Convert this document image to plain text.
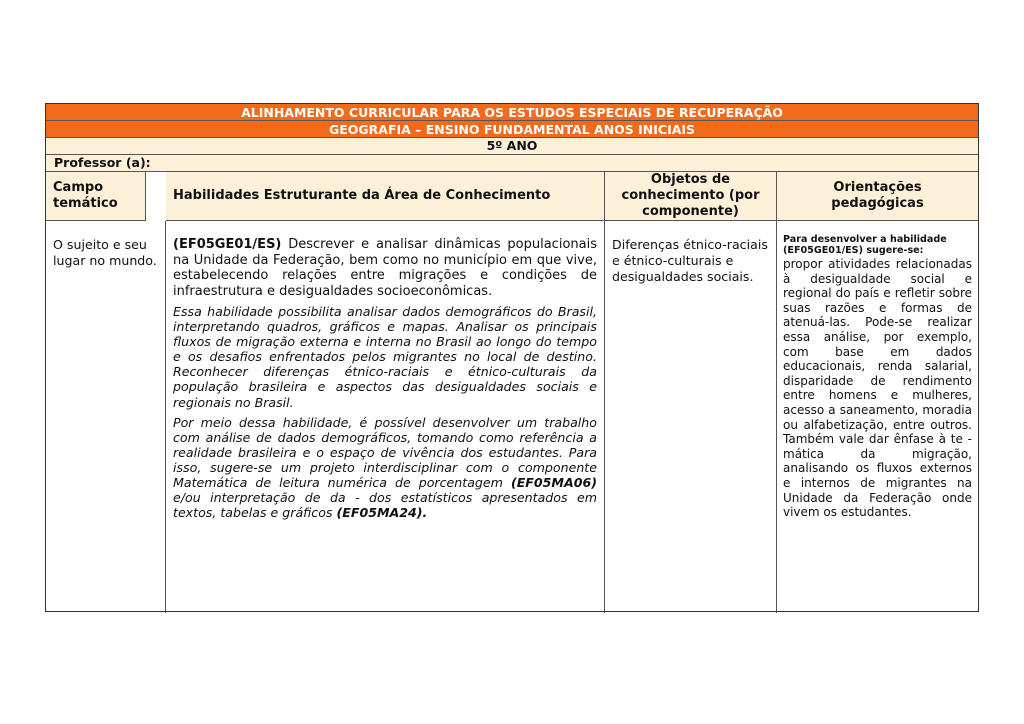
ALINHAMENTO CURRICULAR PARA OS ESTUDOS ESPECIAIS DE RECUPERAÇÃO
GEOGRAFIA – ENSINO FUNDAMENTAL ANOS INICIAIS
5º ANO
Professor (a):
Campo temático
Habilidades Estruturante da Área de Conhecimento
Objetos de conhecimento (por componente)
Orientações pedagógicas
O sujeito e seu lugar no mundo.

(EF05GE01/ES) Descrever e analisar dinâmicas populacionais na Unidade da Federação, bem como no município em que vive, estabelecendo relações entre migrações e condições de infraestrutura e desigualdades socioeconômicas.

Essa habilidade possibilita analisar dados demográficos do Brasil, interpretando quadros, gráficos e mapas. Analisar os principais fluxos de migração externa e interna no Brasil ao longo do tempo e os desafios enfrentados pelos migrantes no local de destino. Reconhecer diferenças étnico-raciais e étnico-culturais da população brasileira e aspectos das desigualdades sociais e regionais no Brasil.

Por meio dessa habilidade, é possível desenvolver um trabalho com análise de dados demográficos, tomando como referência a realidade brasileira e o espaço de vivência dos estudantes. Para isso, sugere-se um projeto interdisciplinar com o componente Matemática de leitura numérica de porcentagem (EF05MA06) e/ou interpretação de da - dos estatísticos apresentados em textos, tabelas e gráficos (EF05MA24).

Diferenças étnico-raciais e étnico-culturais e desigualdades sociais.
Para desenvolver a habilidade (EF05GE01/ES) sugere-se:

propor atividades relacionadas à desigualdade social e regional do país e refletir sobre suas razões e formas de atenuá-las. Pode-se realizar essa análise, por exemplo, com base em dados educacionais, renda salarial, disparidade de rendimento entre homens e mulheres, acesso a saneamento, moradia ou alfabetização, entre outros. Também vale dar ênfase à te - mática da migração, analisando os fluxos externos e internos de migrantes na Unidade da Federação onde vivem os estudantes.
